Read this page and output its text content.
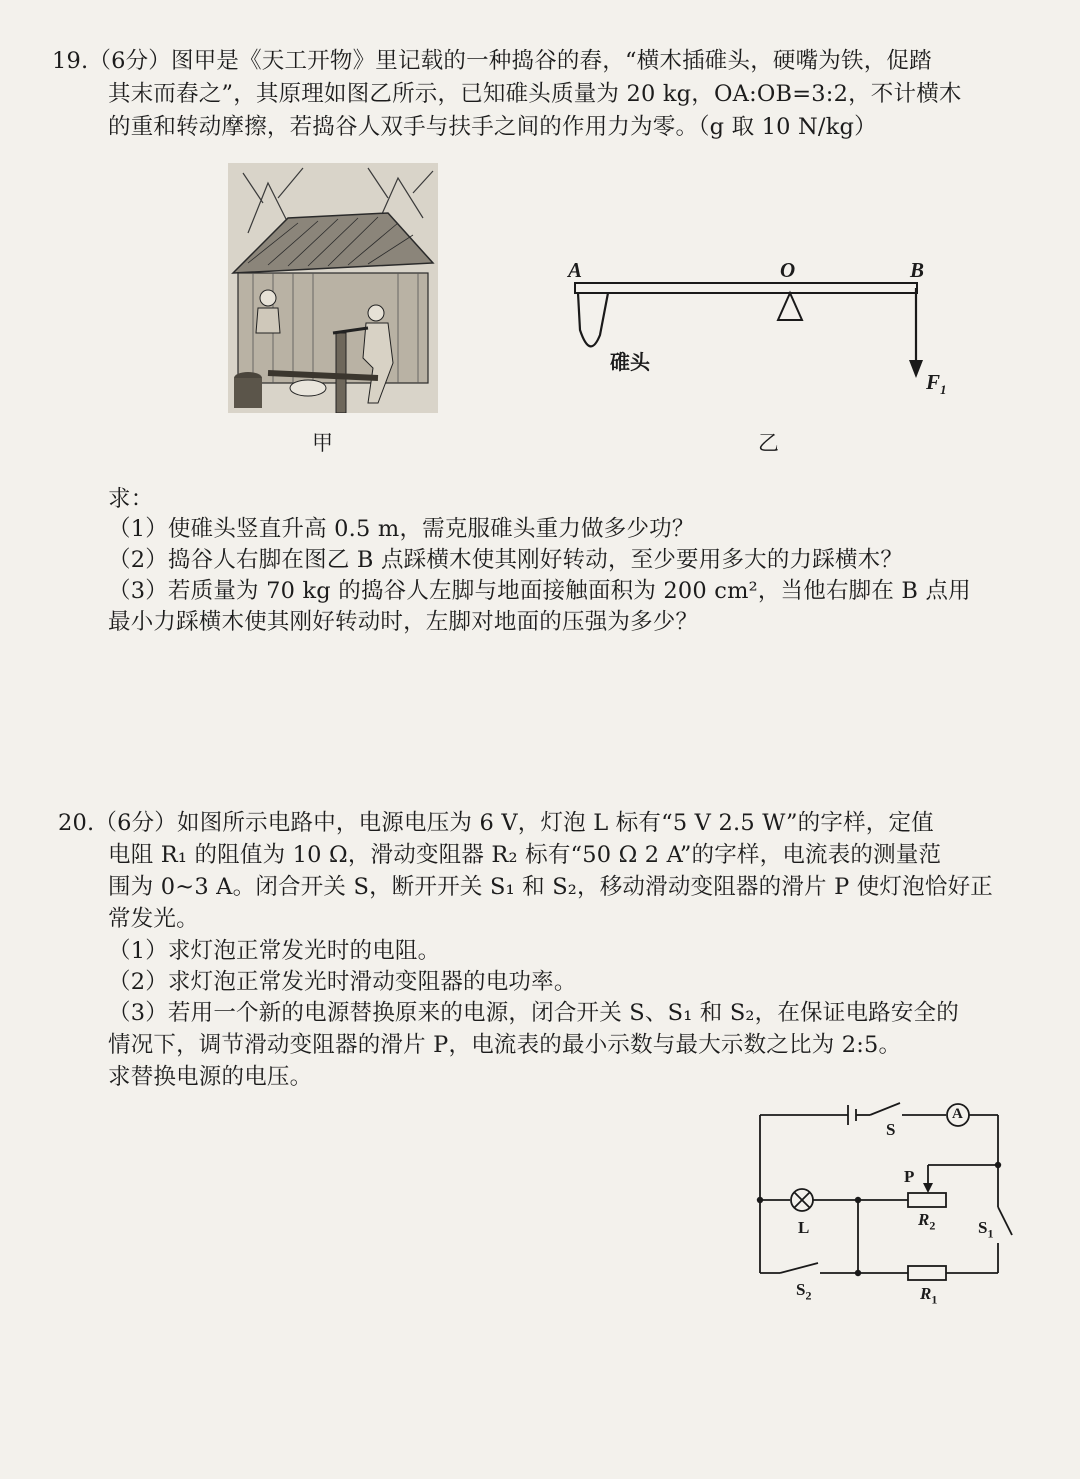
19.（6分）图甲是《天工开物》里记载的一种捣谷的舂，“横木插碓头，硬嘴为铁，促踏
其末而舂之”，其原理如图乙所示，已知碓头质量为 20 kg，OA:OB=3:2，不计横木
的重和转动摩擦，若捣谷人双手与扶手之间的作用力为零。（g 取 10 N/kg）
甲
A	O	B
$F_1$
碓头
乙
求：
（1）使碓头竖直升高 0.5 m，需克服碓头重力做多少功？
（2）捣谷人右脚在图乙 B 点踩横木使其刚好转动，至少要用多大的力踩横木？
（3）若质量为 70 kg 的捣谷人左脚与地面接触面积为 200 cm²，当他右脚在 B 点用
最小力踩横木使其刚好转动时，左脚对地面的压强为多少？
20.（6分）如图所示电路中，电源电压为 6 V，灯泡 L 标有“5 V 2.5 W”的字样，定值
电阻 R₁ 的阻值为 10 Ω，滑动变阻器 R₂ 标有“50 Ω 2 A”的字样，电流表的测量范
围为 0~3 A。闭合开关 S，断开开关 S₁ 和 S₂，移动滑动变阻器的滑片 P 使灯泡恰好正
常发光。
（1）求灯泡正常发光时的电阻。
（2）求灯泡正常发光时滑动变阻器的电功率。
（3）若用一个新的电源替换原来的电源，闭合开关 S、S₁ 和 S₂，在保证电路安全的
情况下，调节滑动变阻器的滑片 P，电流表的最小示数与最大示数之比为 2:5。
求替换电源的电压。
A
S
P
L	$R_2$	$S_1$
$S_2$	$R_1$
